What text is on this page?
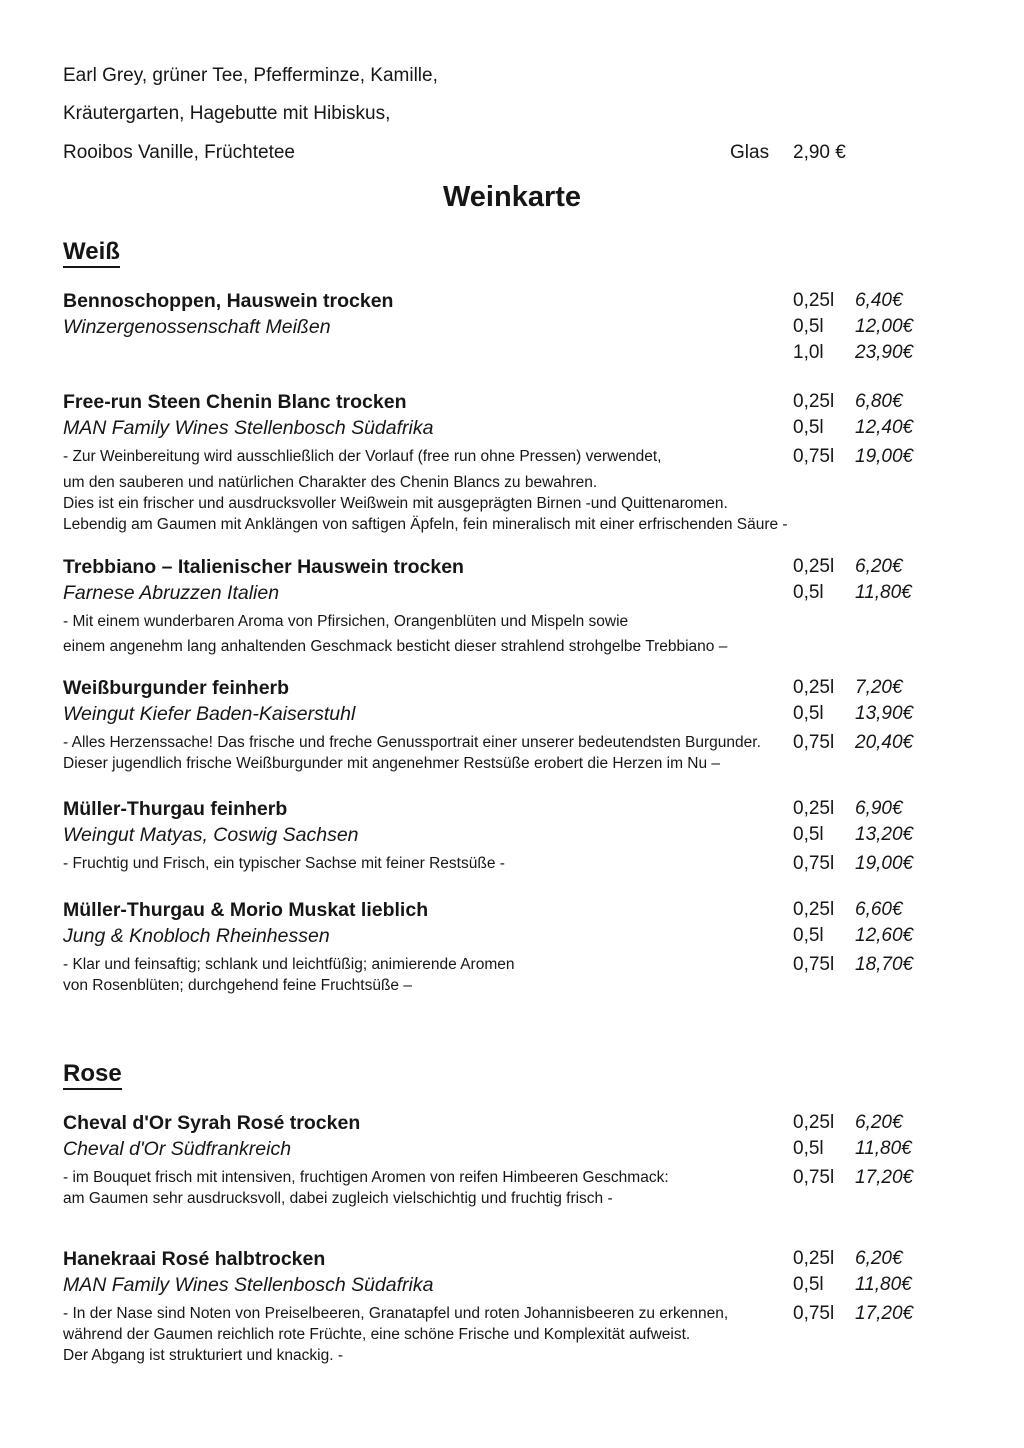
Weinkarte
Earl Grey, grüner Tee, Pfefferminze, Kamille,
Kräutergarten, Hagebutte mit Hibiskus,
Rooibos Vanille, Früchtetee	Glas	2,90 €
Weiß
Bennoschoppen, Hauswein trocken	0,25l	6,40€
Winzergenossenschaft Meißen	0,5l	12,00€
1,0l	23,90€
Free-run Steen Chenin Blanc trocken	0,25l	6,80€
MAN Family Wines Stellenbosch Südafrika	0,5l	12,40€
- Zur Weinbereitung wird ausschließlich der Vorlauf (free run ohne Pressen) verwendet,
um den sauberen und natürlichen Charakter des Chenin Blancs zu bewahren.
Dies ist ein frischer und ausdrucksvoller Weißwein mit ausgeprägten Birnen -und Quittenaromen.
Lebendig am Gaumen mit Anklängen von saftigen Äpfeln, fein mineralisch mit einer erfrischenden Säure -
0,75l	19,00€
Trebbiano – Italienischer Hauswein trocken	0,25l	6,20€
Farnese Abruzzen Italien	0,5l	11,80€
- Mit einem wunderbaren Aroma von Pfirsichen, Orangenblüten und Mispeln sowie
einem angenehm lang anhaltenden Geschmack besticht dieser strahlend strohgelbe Trebbiano –
Weißburgunder feinherb	0,25l	7,20€
Weingut Kiefer Baden-Kaiserstuhl	0,5l	13,90€
- Alles Herzenssache! Das frische und freche Genussportrait einer unserer bedeutendsten Burgunder.
Dieser jugendlich frische Weißburgunder mit angenehmer Restsüße erobert die Herzen im Nu –
0,75l	20,40€
Müller-Thurgau feinherb	0,25l	6,90€
Weingut Matyas, Coswig Sachsen	0,5l	13,20€
- Fruchtig und Frisch, ein typischer Sachse mit feiner Restsüße -	0,75l	19,00€
Müller-Thurgau & Morio Muskat lieblich	0,25l	6,60€
Jung & Knobloch Rheinhessen	0,5l	12,60€
- Klar und feinsaftig; schlank und leichtfüßig; animierende Aromen
von Rosenblüten; durchgehend feine Fruchtsüße –
0,75l	18,70€
Rose
Cheval d'Or Syrah Rosé trocken	0,25l	6,20€
Cheval d'Or Südfrankreich	0,5l	11,80€
- im Bouquet frisch mit intensiven, fruchtigen Aromen von reifen Himbeeren Geschmack:
am Gaumen sehr ausdrucksvoll, dabei zugleich vielschichtig und fruchtig frisch -
0,75l	17,20€
Hanekraai Rosé halbtrocken	0,25l	6,20€
MAN Family Wines Stellenbosch Südafrika	0,5l	11,80€
- In der Nase sind Noten von Preiselbeeren, Granatapfel und roten Johannisbeeren zu erkennen,
während der Gaumen reichlich rote Früchte, eine schöne Frische und Komplexität aufweist.
Der Abgang ist strukturiert und knackig. -
0,75l	17,20€
